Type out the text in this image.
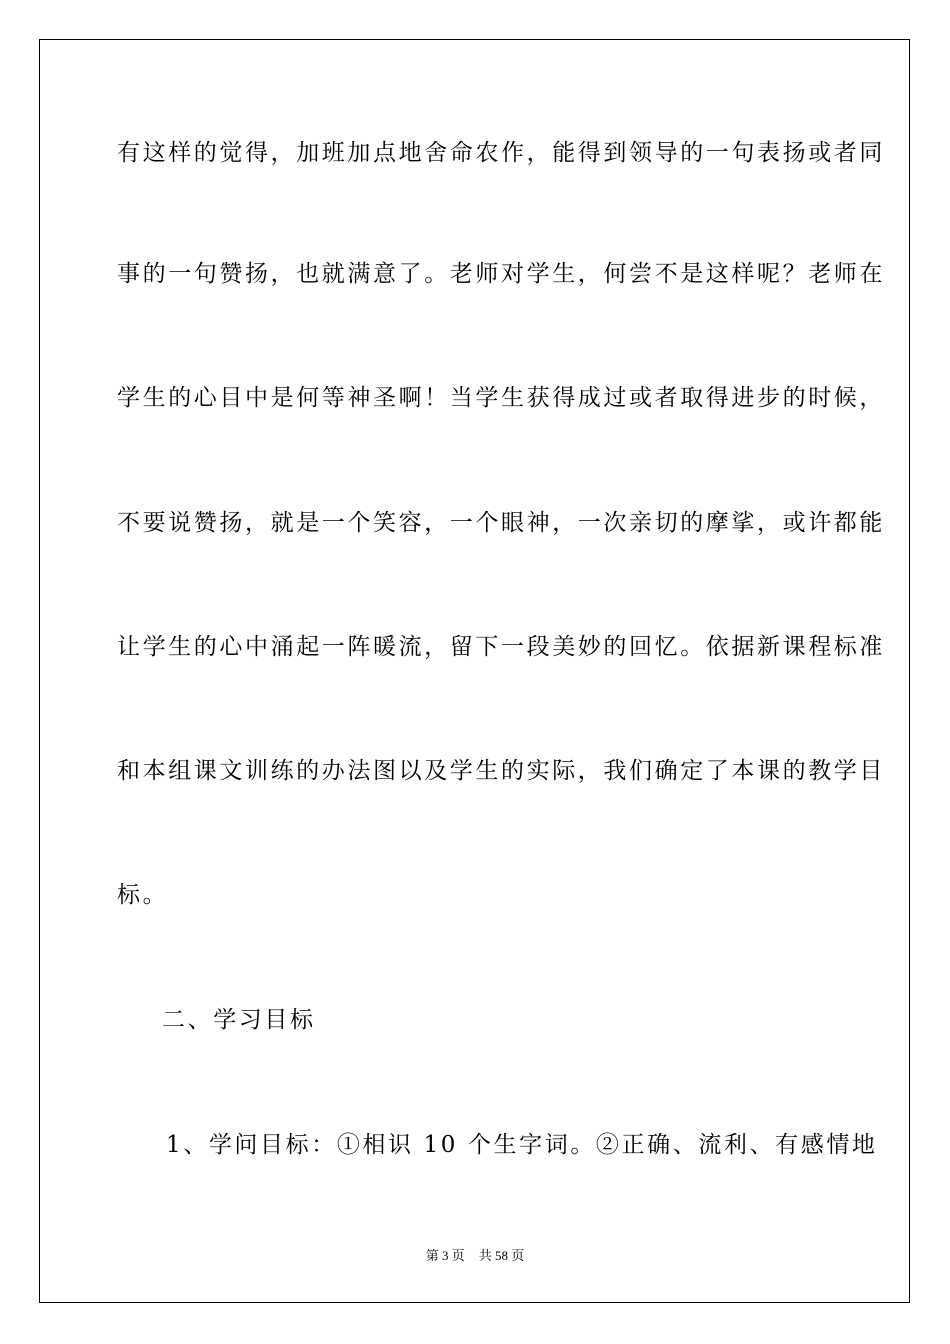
有这样的觉得，加班加点地舍命农作，能得到领导的一句表扬或者同
事的一句赞扬，也就满意了。老师对学生，何尝不是这样呢？老师在
学生的心目中是何等神圣啊！当学生获得成过或者取得进步的时候，
不要说赞扬，就是一个笑容，一个眼神，一次亲切的摩挲，或许都能
让学生的心中涌起一阵暖流，留下一段美妙的回忆。依据新课程标准
和本组课文训练的办法图以及学生的实际，我们确定了本课的教学目
标。
二、学习目标
1、学问目标：①相识 10 个生字词。②正确、流利、有感情地
第 3 页 共 58 页
